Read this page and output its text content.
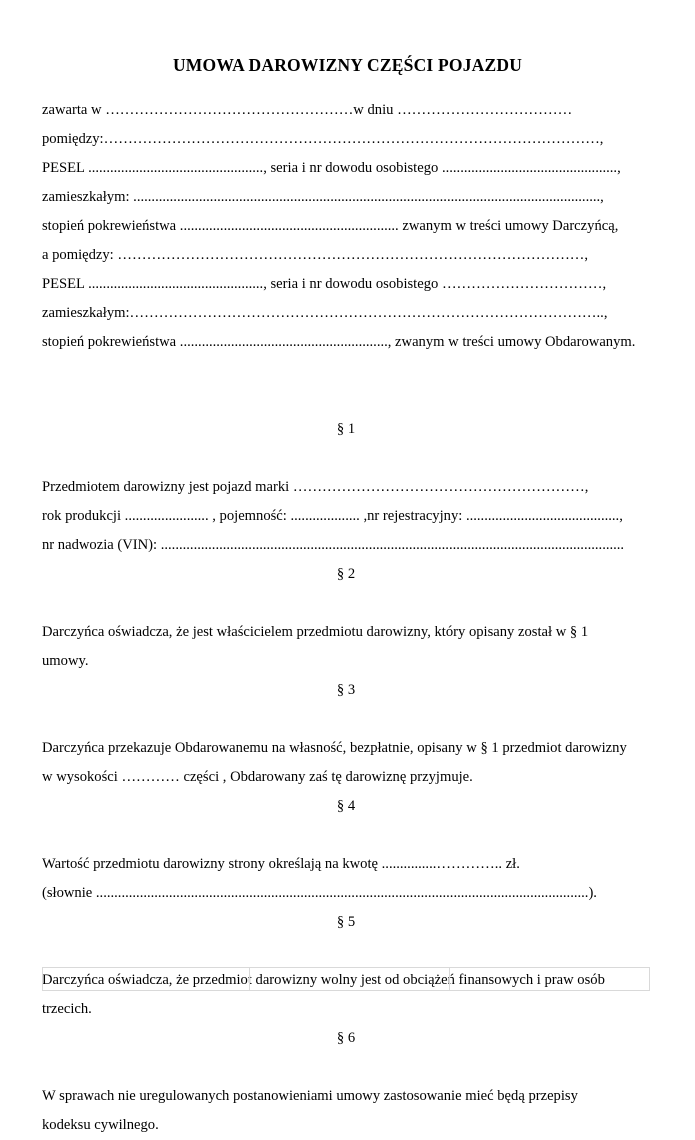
UMOWA DAROWIZNY CZĘŚCI POJAZDU
zawarta w ……………………………………………w dniu ………………………………
pomiędzy:…………………………………………………………………………………………,
PESEL ................................................, seria i nr dowodu osobistego ................................................,
zamieszkałym: ................................................................................................................................,
stopień pokrewieństwa ............................................................ zwanym w treści umowy Darczyńcą,
a pomiędzy: ……………………………………………………………………………………,
PESEL ................................................, seria i nr dowodu osobistego ……………………………,
zamieszkałym:……………………………………………………………………………………..,
stopień pokrewieństwa ........................................................., zwanym w treści umowy Obdarowanym.
§ 1
Przedmiotem darowizny jest pojazd marki ……………………………………………………,
rok produkcji ....................... , pojemność: ................... ,nr rejestracyjny: ..........................................,
nr nadwozia (VIN): ...............................................................................................................................
§ 2
Darczyńca oświadcza, że jest właścicielem przedmiotu darowizny, który opisany został w § 1
umowy.
§ 3
Darczyńca przekazuje Obdarowanemu na własność, bezpłatnie, opisany w § 1 przedmiot darowizny
w wysokości ………… części , Obdarowany zaś tę darowiznę przyjmuje.
§ 4
Wartość przedmiotu darowizny strony określają na kwotę ...............………….. zł.
(słownie .......................................................................................................................................).
§ 5
Darczyńca oświadcza, że przedmiot darowizny wolny jest od obciążeń finansowych i praw osób
trzecich.
§ 6
W sprawach nie uregulowanych postanowieniami umowy zastosowanie mieć będą przepisy
kodeksu cywilnego.
